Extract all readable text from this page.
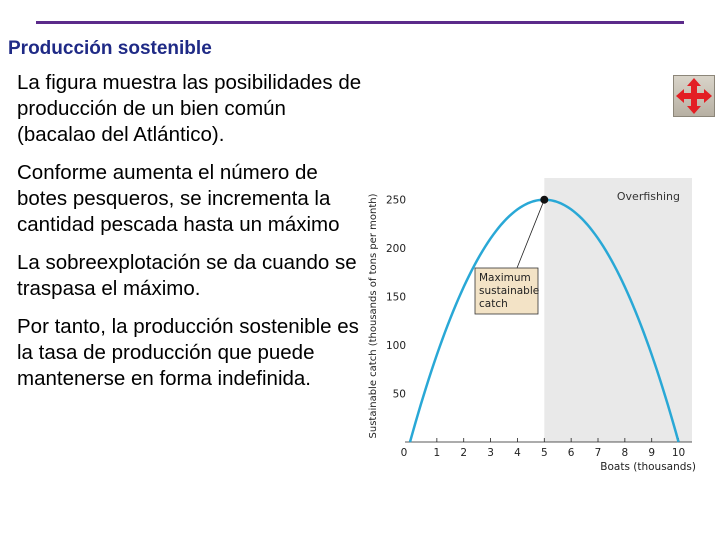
Producción sostenible

La figura muestra las posibilidades de producción de un bien común (bacalao del Atlántico).

Conforme aumenta el número de botes pesqueros, se incrementa la cantidad pescada hasta un máximo

La sobreexplotación se da cuando se traspasa el máximo.

Por tanto, la producción sostenible es la tasa de producción que puede mantenerse en forma indefinida.

Overfishing
0 1 2 3 4 5 6 7 8 9 10
50
100
150
200
250
Maximum sustainable catch
Sustainable catch (thousands of tons per month)
Boats (thousands)
